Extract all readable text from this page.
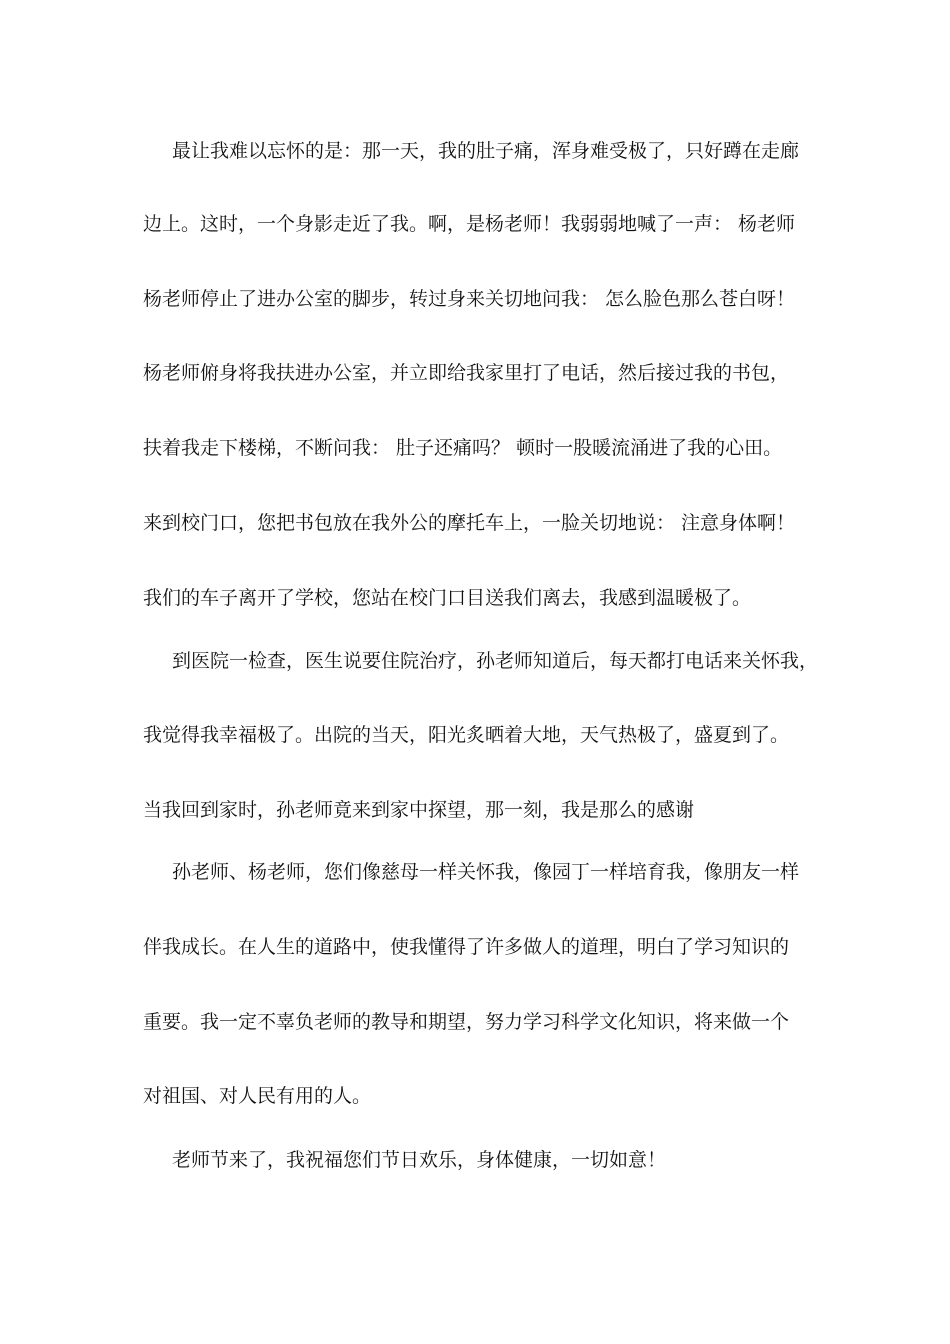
最让我难以忘怀的是：那一天，我的肚子痛，浑身难受极了，只好蹲在走廊
边上。这时，一个身影走近了我。啊，是杨老师！我弱弱地喊了一声： 杨老师
杨老师停止了进办公室的脚步，转过身来关切地问我： 怎么脸色那么苍白呀！
杨老师俯身将我扶进办公室，并立即给我家里打了电话，然后接过我的书包，
扶着我走下楼梯，不断问我： 肚子还痛吗？ 顿时一股暖流涌进了我的心田。
来到校门口，您把书包放在我外公的摩托车上，一脸关切地说： 注意身体啊！
我们的车子离开了学校，您站在校门口目送我们离去，我感到温暖极了。
到医院一检查，医生说要住院治疗，孙老师知道后，每天都打电话来关怀我，
我觉得我幸福极了。出院的当天，阳光炙晒着大地，天气热极了，盛夏到了。
当我回到家时，孙老师竟来到家中探望，那一刻，我是那么的感谢
孙老师、杨老师，您们像慈母一样关怀我，像园丁一样培育我，像朋友一样
伴我成长。在人生的道路中，使我懂得了许多做人的道理，明白了学习知识的
重要。我一定不辜负老师的教导和期望，努力学习科学文化知识，将来做一个
对祖国、对人民有用的人。
老师节来了，我祝福您们节日欢乐，身体健康，一切如意！
